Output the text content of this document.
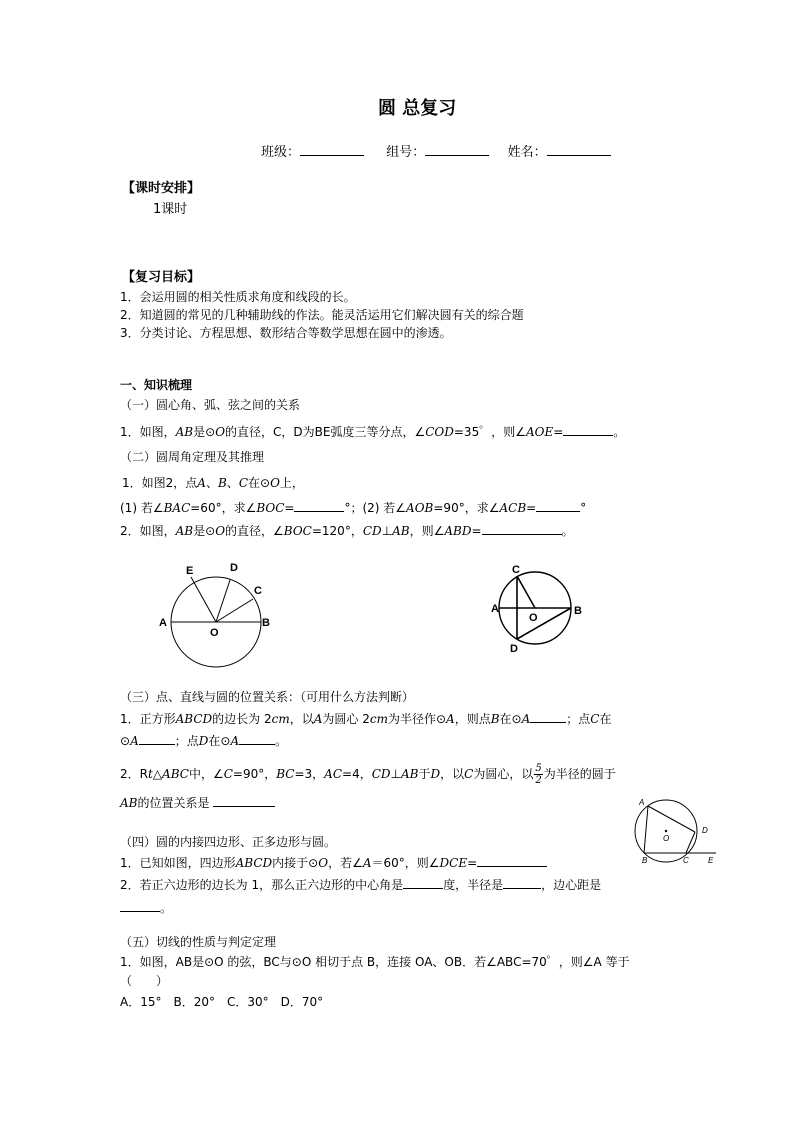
圆 总复习
班级：	组号：	姓名：
【课时安排】
1课时
【复习目标】
1．会运用圆的相关性质求角度和线段的长。
2．知道圆的常见的几种辅助线的作法。能灵活运用它们解决圆有关的综合题
3．分类讨论、方程思想、数形结合等数学思想在圆中的渗透。
一、知识梳理
（一）圆心角、弧、弦之间的关系
1．如图，AB是⊙O的直径，C，D为BE弧度三等分点，∠COD=35゜，则∠AOE=	。
（二）圆周角定理及其推理
1．如图2，点A、B、C在⊙O上，
(1) 若∠BAC=60°，求∠BOC=	°；(2) 若∠AOB=90°，求∠ACB=	°
2．如图，AB是⊙O的直径，∠BOC=120°，CD⊥AB，则∠ABD=	。
E	D
C
A
O
B
C
A
O
B
D
（三）点、直线与圆的位置关系：（可用什么方法判断）
1．正方形ABCD的边长为 2cm，以A为圆心 2cm为半径作⊙A，则点B在⊙A	；点C在
⊙A	；点D在⊙A	。
2．Rt△ABC中，∠C=90°，BC=3，AC=4，CD⊥AB于D，以C为圆心，以 $\frac{5}{2}$ 为半径的圆于
AB的位置关系是	A
D
O
B	C E
（四）圆的内接四边形、正多边形与圆。
1．已知如图，四边形ABCD内接于⊙O，若∠A＝60°，则∠DCE=
2．若正六边形的边长为 1，那么正六边形的中心角是	度，半径是	，边心距是
。
（五）切线的性质与判定定理
1．如图，AB是⊙O 的弦，BC与⊙O 相切于点 B，连接 OA、OB．若∠ABC=70゜，则∠A 等于
（　　）
A．15°　B．20°　C．30°　D．70°
